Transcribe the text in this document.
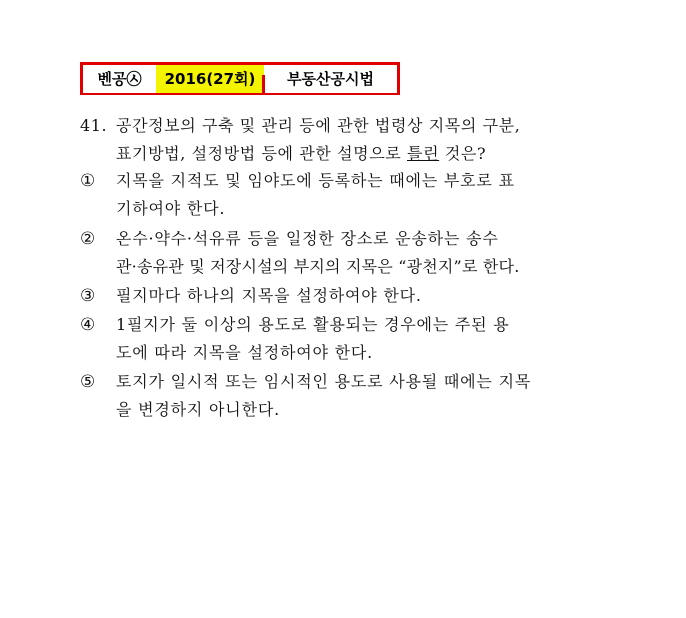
벤공㉦	2016(27회)	부동산공시법
41. 공간정보의 구축 및 관리 등에 관한 법령상 지목의 구분,
표기방법, 설정방법 등에 관한 설명으로 틀린 것은?
① 지목을 지적도 및 임야도에 등록하는 때에는 부호로 표
기하여야 한다.
② 온수·약수·석유류 등을 일정한 장소로 운송하는 송수
관·송유관 및 저장시설의 부지의 지목은 “광천지”로 한다.
③ 필지마다 하나의 지목을 설정하여야 한다.
④ 1필지가 둘 이상의 용도로 활용되는 경우에는 주된 용
도에 따라 지목을 설정하여야 한다.
⑤ 토지가 일시적 또는 임시적인 용도로 사용될 때에는 지목
을 변경하지 아니한다.
